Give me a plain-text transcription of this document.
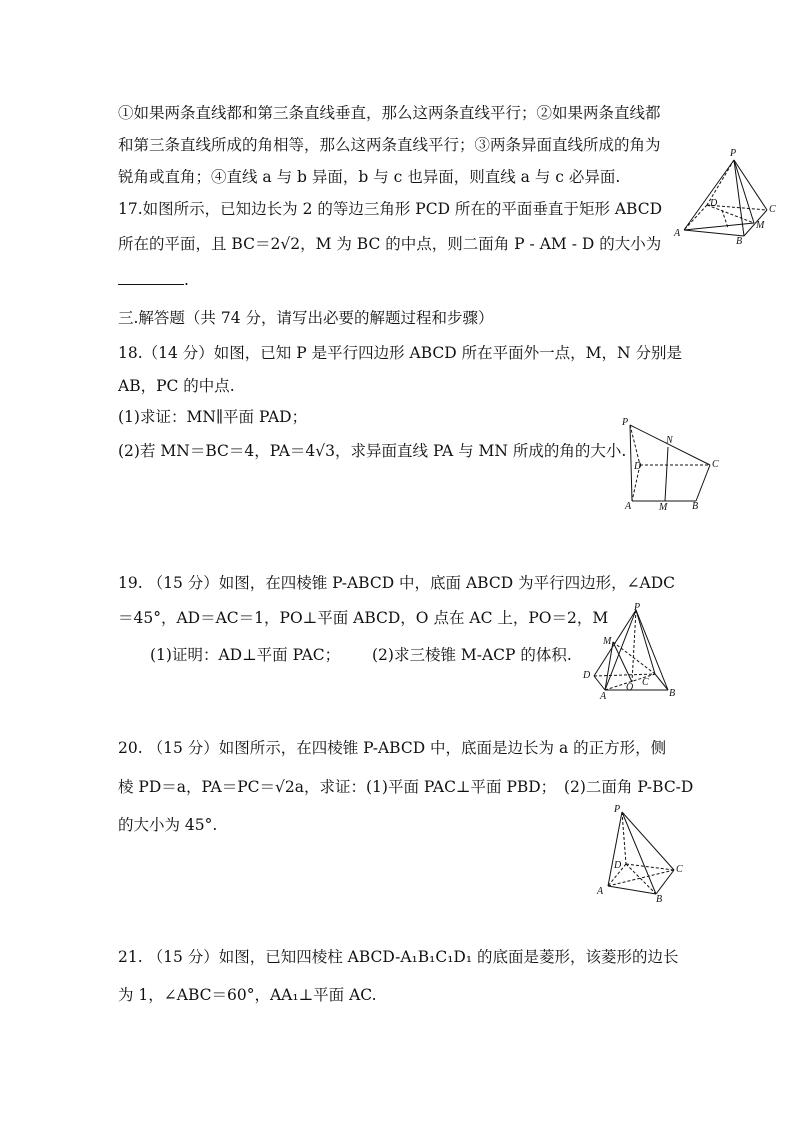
①如果两条直线都和第三条直线垂直，那么这两条直线平行；②如果两条直线都
和第三条直线所成的角相等，那么这两条直线平行；③两条异面直线所成的角为
锐角或直角；④直线 a 与 b 异面，b 与 c 也异面，则直线 a 与 c 必异面.
17.如图所示，已知边长为 2 的等边三角形 PCD 所在的平面垂直于矩形 ABCD
所在的平面，且 BC＝2√2，M 为 BC 的中点，则二面角 P - AM - D 的大小为
.
三.解答题（共 74 分，请写出必要的解题过程和步骤）
18.（14 分）如图，已知 P 是平行四边形 ABCD 所在平面外一点，M，N 分别是
AB，PC 的中点.
(1)求证：MN∥平面 PAD；
(2)若 MN＝BC＝4，PA＝4√3，求异面直线 PA 与 MN 所成的角的大小.
19. （15 分）如图，在四棱锥 P-ABCD 中，底面 ABCD 为平行四边形，∠ADC
＝45°，AD＝AC＝1，PO⊥平面 ABCD，O 点在 AC 上，PO＝2，M
(1)证明：AD⊥平面 PAC； (2)求三棱锥 M-ACP 的体积.
20. （15 分）如图所示，在四棱锥 P-ABCD 中，底面是边长为 a 的正方形，侧
棱 PD＝a，PA＝PC＝√2a，求证：(1)平面 PAC⊥平面 PBD；　(2)二面角 P-BC-D
的大小为 45°.
21. （15 分）如图，已知四棱柱 ABCD-A₁B₁C₁D₁ 的底面是菱形，该菱形的边长
为 1，∠ABC＝60°，AA₁⊥平面 AC.
P
D
C
M
A
B
P
N
D	C
A	M B
P
M
D
O C
A	B
P
D	C
A
B
